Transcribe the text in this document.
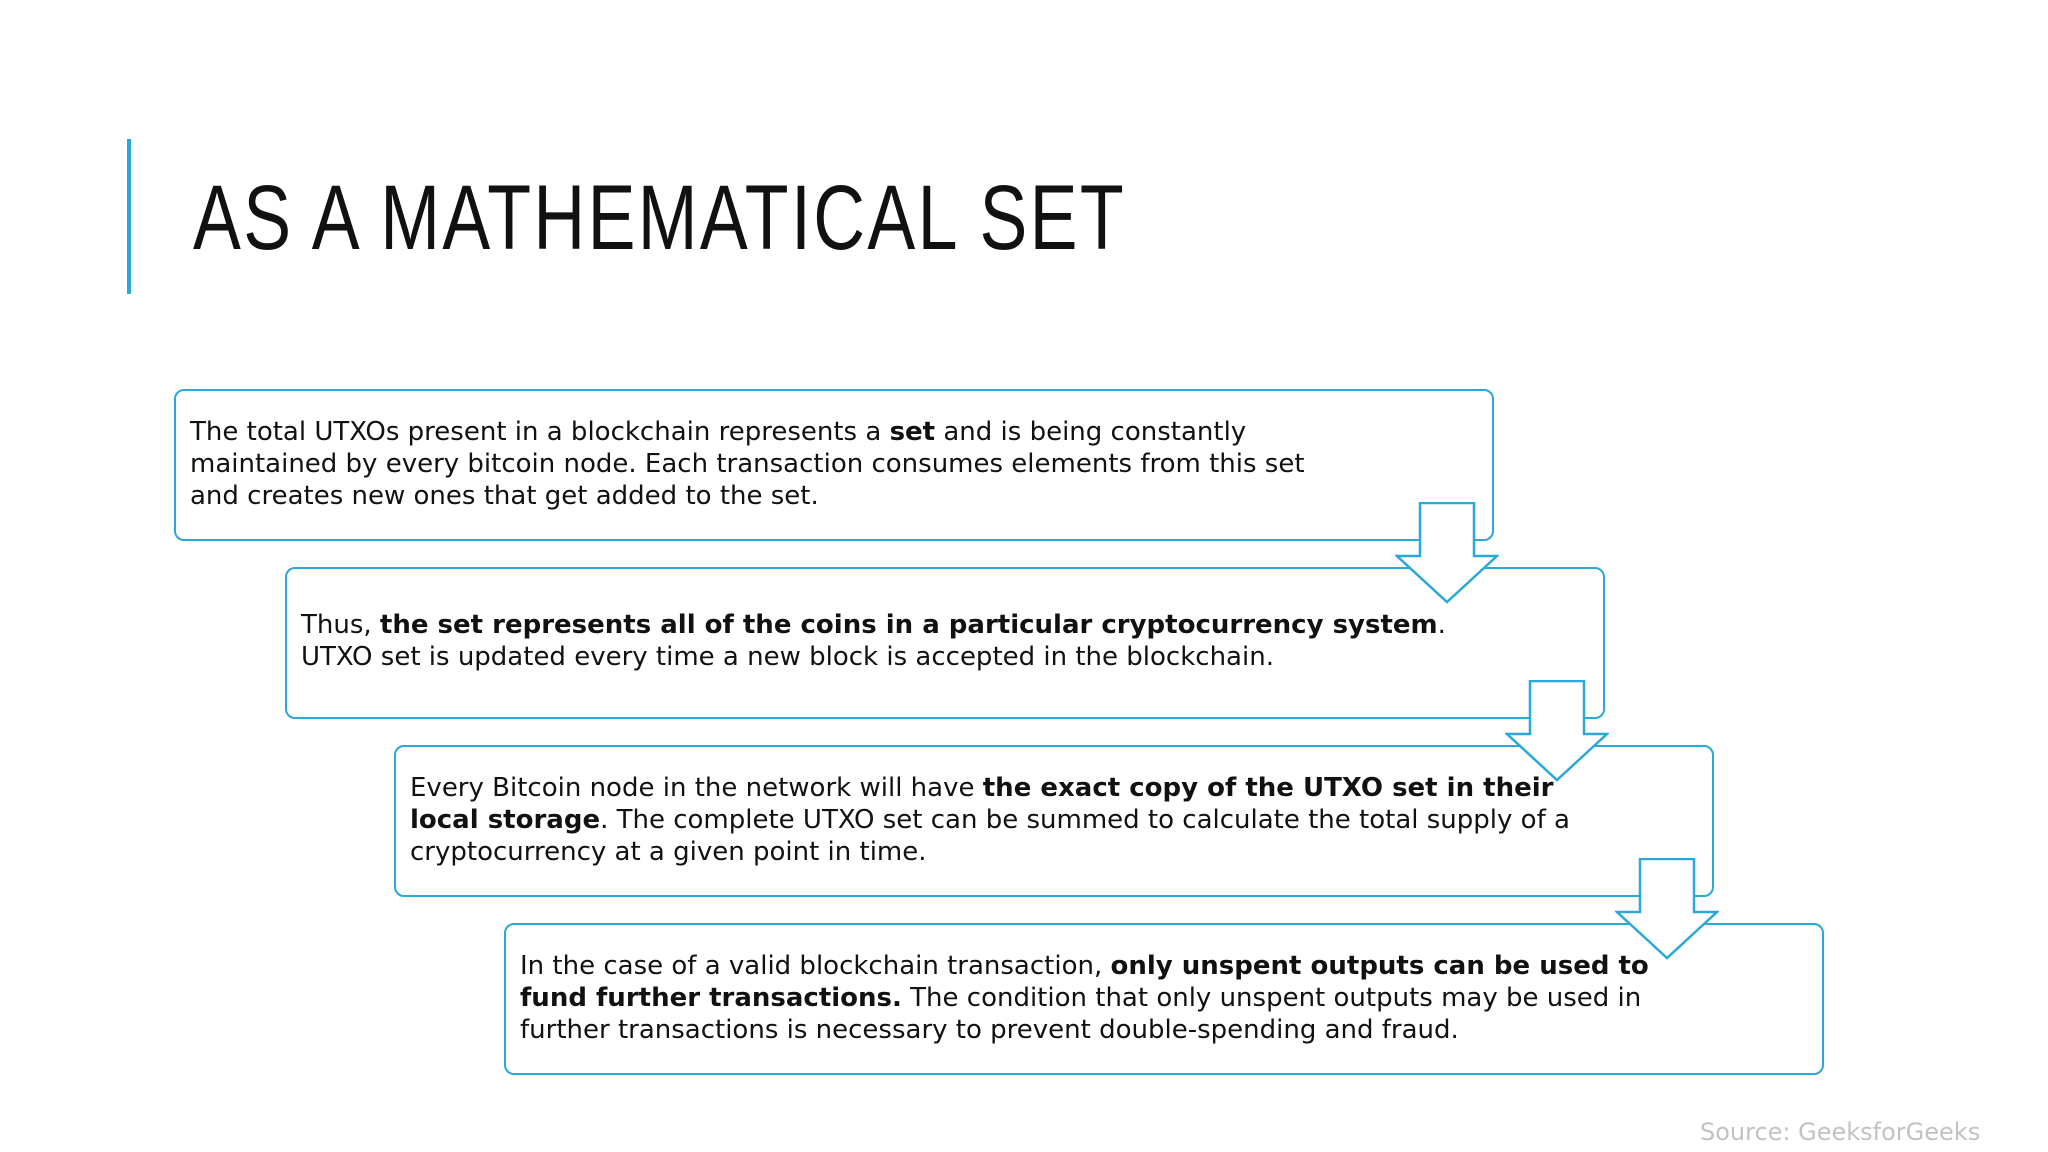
AS A MATHEMATICAL SET

The total UTXOs present in a blockchain represents a set and is being constantly maintained by every bitcoin node. Each transaction consumes elements from this set and creates new ones that get added to the set.

Thus, the set represents all of the coins in a particular cryptocurrency system. UTXO set is updated every time a new block is accepted in the blockchain.

Every Bitcoin node in the network will have the exact copy of the UTXO set in their local storage. The complete UTXO set can be summed to calculate the total supply of a cryptocurrency at a given point in time.

In the case of a valid blockchain transaction, only unspent outputs can be used to fund further transactions. The condition that only unspent outputs may be used in further transactions is necessary to prevent double-spending and fraud.

Source: GeeksforGeeks
